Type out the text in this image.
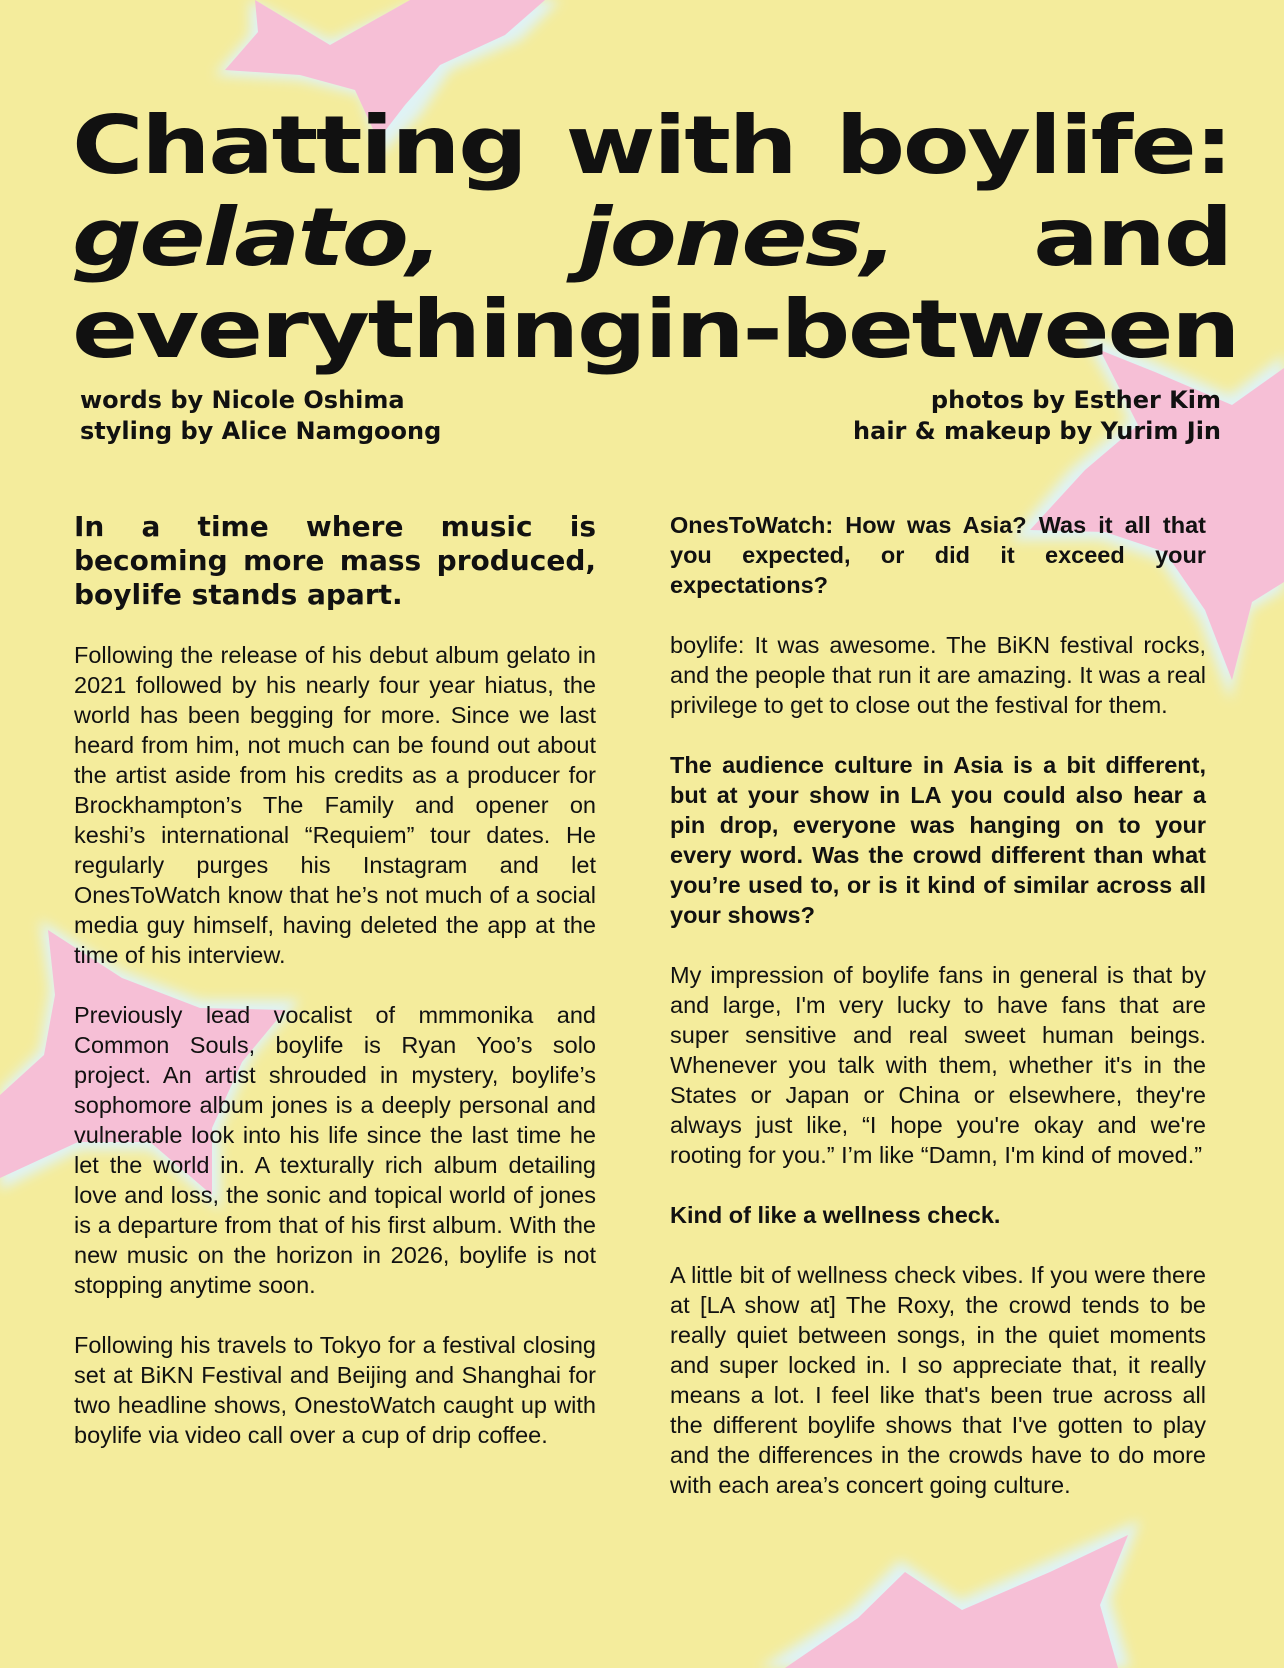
Chatting with boylife:
gelato, jones, and
everything in-between
words by Nicole Oshima
styling by Alice Namgoong
photos by Esther Kim
hair & makeup by Yurim Jin

In a time where music is becoming more mass produced, boylife stands apart.

Following the release of his debut album gelato in 2021 followed by his nearly four year hiatus, the world has been begging for more. Since we last heard from him, not much can be found out about the artist aside from his credits as a producer for Brockhampton’s The Family and opener on keshi’s international “Requiem” tour dates. He regularly purges his Instagram and let OnesToWatch know that he’s not much of a social media guy himself, having deleted the app at the time of his interview.

Previously lead vocalist of mmmonika and Common Souls, boylife is Ryan Yoo’s solo project. An artist shrouded in mystery, boylife’s sophomore album jones is a deeply personal and vulnerable look into his life since the last time he let the world in. A texturally rich album detailing love and loss, the sonic and topical world of jones is a departure from that of his first album. With the new music on the horizon in 2026, boylife is not stopping anytime soon.

Following his travels to Tokyo for a festival closing set at BiKN Festival and Beijing and Shanghai for two headline shows, OnestoWatch caught up with boylife via video call over a cup of drip coffee.

OnesToWatch: How was Asia? Was it all that you expected, or did it exceed your expectations?

boylife: It was awesome. The BiKN festival rocks, and the people that run it are amazing. It was a real privilege to get to close out the festival for them.

The audience culture in Asia is a bit different, but at your show in LA you could also hear a pin drop, everyone was hanging on to your every word. Was the crowd different than what you’re used to, or is it kind of similar across all your shows?

My impression of boylife fans in general is that by and large, I'm very lucky to have fans that are super sensitive and real sweet human beings. Whenever you talk with them, whether it's in the States or Japan or China or elsewhere, they're always just like, “I hope you're okay and we're rooting for you.” I’m like “Damn, I'm kind of moved.”

Kind of like a wellness check.

A little bit of wellness check vibes. If you were there at [LA show at] The Roxy, the crowd tends to be really quiet between songs, in the quiet moments and super locked in. I so appreciate that, it really means a lot. I feel like that's been true across all the different boylife shows that I've gotten to play and the differences in the crowds have to do more with each area’s concert going culture.
